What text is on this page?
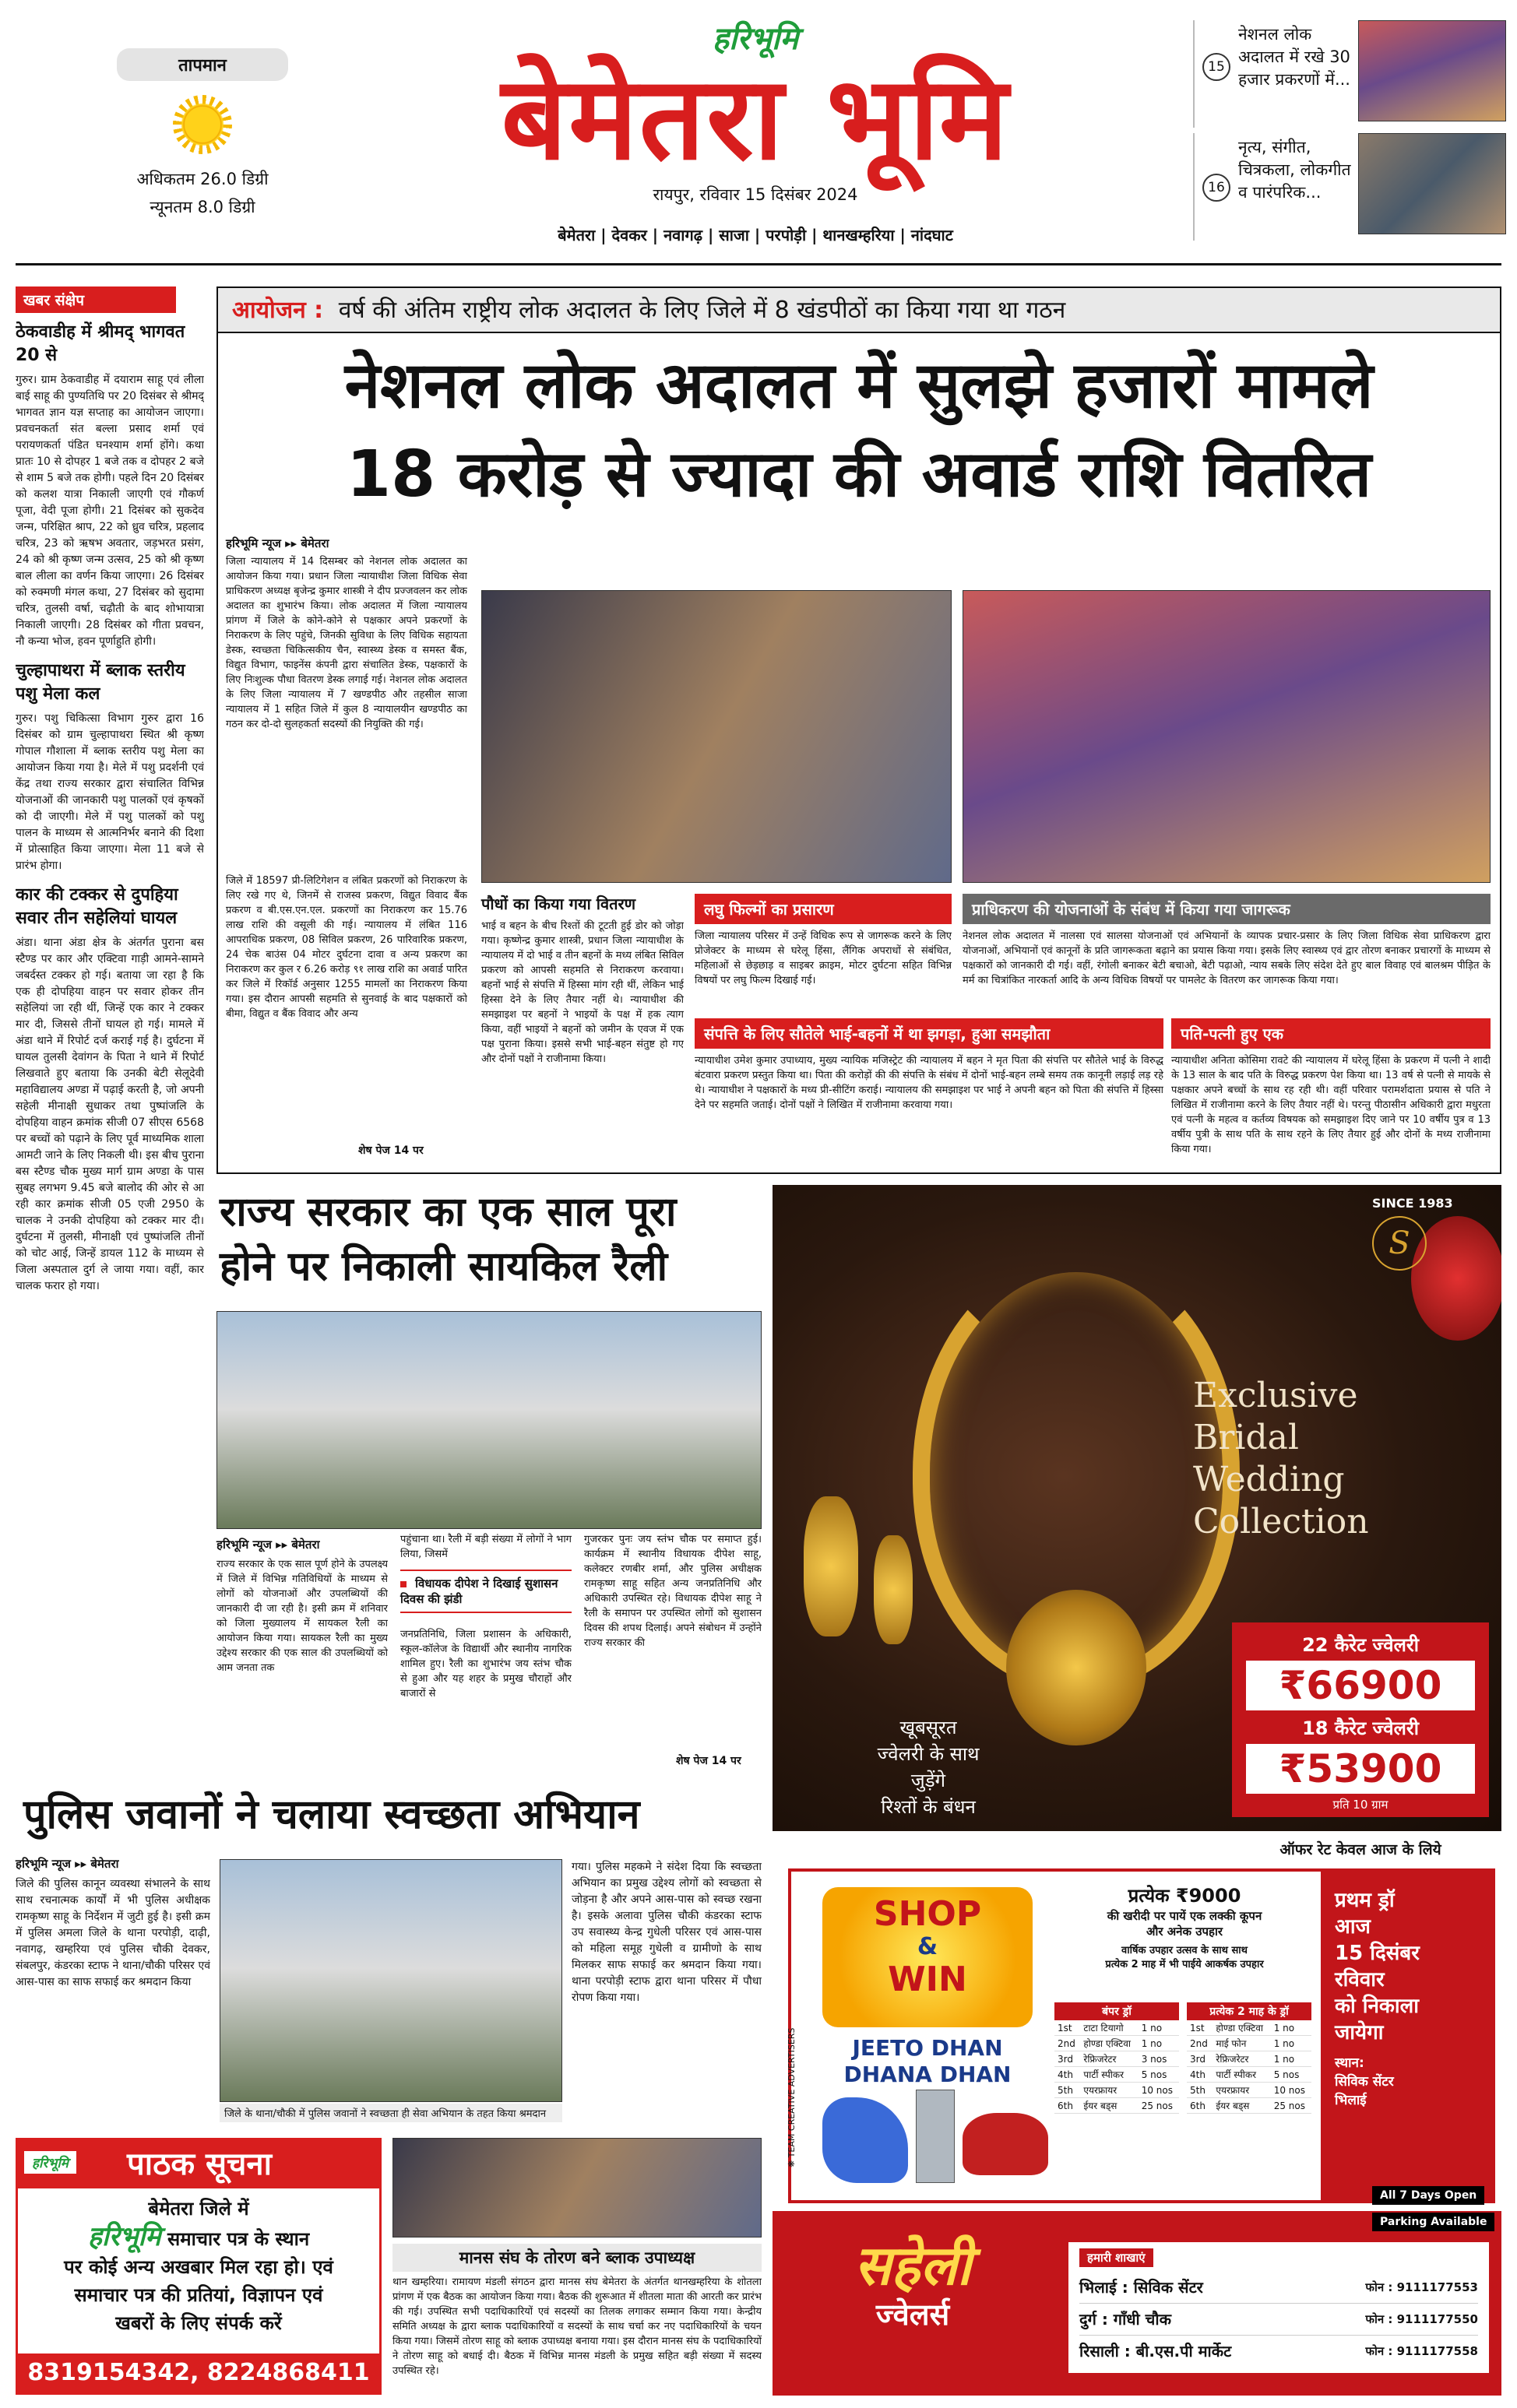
तापमान
अधिकतम 26.0 डिग्री
न्यूनतम 8.0 डिग्री
हरिभूमि
बेमेतरा भूमि
रायपुर, रविवार 15 दिसंबर 2024
बेमेतरा | देवकर | नवागढ़ | साजा | परपोड़ी | थानखम्हरिया | नांदघाट
15
नेशनल लोक अदालत में रखे 30 हजार प्रकरणों में...
16
नृत्य, संगीत, चित्रकला, लोकगीत व पारंपरिक...
खबर संक्षेप
ठेकवाडीह में श्रीमद् भागवत 20 से
गुरुर। ग्राम ठेकवाडीह में दयाराम साहू एवं लीला बाई साहू की पुण्यतिथि पर 20 दिसंबर से श्रीमद् भागवत ज्ञान यज्ञ सप्ताह का आयोजन जाएगा। प्रवचनकर्ता संत बल्ला प्रसाद शर्मा एवं परायणकर्ता पंडित घनश्याम शर्मा होंगे। कथा प्रातः 10 से दोपहर 1 बजे तक व दोपहर 2 बजे से शाम 5 बजे तक होगी। पहले दिन 20 दिसंबर को कलश यात्रा निकाली जाएगी एवं गौकर्ण पूजा, वेदी पूजा होगी। 21 दिसंबर को सुकदेव जन्म, परिक्षित श्राप, 22 को ध्रुव चरित्र, प्रहलाद चरित्र, 23 को ऋषभ अवतार, जड़भरत प्रसंग, 24 को श्री कृष्ण जन्म उत्सव, 25 को श्री कृष्ण बाल लीला का वर्णन किया जाएगा। 26 दिसंबर को रुक्मणी मंगल कथा, 27 दिसंबर को सुदामा चरित्र, तुलसी वर्षा, चढ़ौती के बाद शोभायात्रा निकाली जाएगी। 28 दिसंबर को गीता प्रवचन, नौ कन्या भोज, हवन पूर्णाहुति होगी।
चुल्हापाथरा में ब्लाक स्तरीय पशु मेला कल
गुरुर। पशु चिकित्सा विभाग गुरुर द्वारा 16 दिसंबर को ग्राम चुल्हापाथरा स्थित श्री कृष्ण गोपाल गौशाला में ब्लाक स्तरीय पशु मेला का आयोजन किया गया है। मेले में पशु प्रदर्शनी एवं केंद्र तथा राज्य सरकार द्वारा संचालित विभिन्न योजनाओं की जानकारी पशु पालकों एवं कृषकों को दी जाएगी। मेले में पशु पालकों को पशु पालन के माध्यम से आत्मनिर्भर बनाने की दिशा में प्रोत्साहित किया जाएगा। मेला 11 बजे से प्रारंभ होगा।
कार की टक्कर से दुपहिया सवार तीन सहेलियां घायल
अंडा। थाना अंडा क्षेत्र के अंतर्गत पुराना बस स्टैण्ड पर कार और एक्टिवा गाड़ी आमने-सामने जबर्दस्त टक्कर हो गई। बताया जा रहा है कि एक ही दोपहिया वाहन पर सवार होकर तीन सहेलियां जा रही थीं, जिन्हें एक कार ने टक्कर मार दी, जिससे तीनों घायल हो गई। मामले में अंडा थाने में रिपोर्ट दर्ज कराई गई है। दुर्घटना में घायल तुलसी देवांगन के पिता ने थाने में रिपोर्ट लिखवाते हुए बताया कि उनकी बेटी सेलूदेवी महाविद्यालय अण्डा में पढ़ाई करती है, जो अपनी सहेली मीनाक्षी सुधाकर तथा पुष्पांजलि के दोपहिया वाहन क्रमांक सीजी 07 सीएस 6568 पर बच्चों को पढ़ाने के लिए पूर्व माध्यमिक शाला आमटी जाने के लिए निकली थी। इस बीच पुराना बस स्टैण्ड चौक मुख्य मार्ग ग्राम अण्डा के पास सुबह लगभग 9.45 बजे बालोद की ओर से आ रही कार क्रमांक सीजी 05 एजी 2950 के चालक ने उनकी दोपहिया को टक्कर मार दी। दुर्घटना में तुलसी, मीनाक्षी एवं पुष्पांजलि तीनों को चोट आई, जिन्हें डायल 112 के माध्यम से जिला अस्पताल दुर्ग ले जाया गया। वहीं, कार चालक फरार हो गया।
आयोजन : वर्ष की अंतिम राष्ट्रीय लोक अदालत के लिए जिले में 8 खंडपीठों का किया गया था गठन
नेशनल लोक अदालत में सुलझे हजारों मामले
18 करोड़ से ज्यादा की अवार्ड राशि वितरित
हरिभूमि न्यूज ▸▸ बेमेतरा
जिला न्यायालय में 14 दिसम्बर को नेशनल लोक अदालत का आयोजन किया गया। प्रधान जिला न्यायाधीश जिला विधिक सेवा प्राधिकरण अध्यक्ष बृजेन्द्र कुमार शास्त्री ने दीप प्रज्जवलन कर लोक अदालत का शुभारंभ किया। लोक अदालत में जिला न्यायालय प्रांगण में जिले के कोने-कोने से पक्षकार अपने प्रकरणों के निराकरण के लिए पहुंचे, जिनकी सुविधा के लिए विधिक सहायता डेस्क, स्वच्छता चिकित्सकीय चैन, स्वास्थ्य डेस्क व समस्त बैंक, विद्युत विभाग, फाइनेंस कंपनी द्वारा संचालित डेस्क, पक्षकारों के लिए निःशुल्क पौधा वितरण डेस्क लगाई गई। नेशनल लोक अदालत के लिए जिला न्यायालय में 7 खण्डपीठ और तहसील साजा न्यायालय में 1 सहित जिले में कुल 8 न्यायालयीन खण्डपीठ का गठन कर दो-दो सुलहकर्ता सदस्यों की नियुक्ति की गई।
जिले में 18597 प्री-लिटिगेशन व लंबित प्रकरणों को निराकरण के लिए रखे गए थे, जिनमें से राजस्व प्रकरण, विद्युत विवाद बैंक प्रकरण व बी.एस.एन.एल. प्रकरणों का निराकरण कर 15.76 लाख राशि की वसूली की गई। न्यायालय में लंबित 116 आपराधिक प्रकरण, 08 सिविल प्रकरण, 26 पारिवारिक प्रकरण, 24 चेक बाउंस 04 मोटर दुर्घटना दावा व अन्य प्रकरण का निराकरण कर कुल र 6.26 करोड़ ९१ लाख राशि का अवार्ड पारित कर जिले में रिकॉर्ड अनुसार 1255 मामलों का निराकरण किया गया। इस दौरान आपसी सहमति से सुनवाई के बाद पक्षकारों को बीमा, विद्युत व बैंक विवाद और अन्य
शेष पेज 14 पर
पौधों का किया गया वितरण
भाई व बहन के बीच रिश्तों की टूटती हुई डोर को जोड़ा गया। कृष्णेन्द्र कुमार शास्त्री, प्रधान जिला न्यायाधीश के न्यायालय में दो भाई व तीन बहनों के मध्य लंबित सिविल प्रकरण को आपसी सहमति से निराकरण करवाया। बहनों भाई से संपत्ति में हिस्सा मांग रही थीं, लेकिन भाई हिस्सा देने के लिए तैयार नहीं थे। न्यायाधीश की समझाइश पर बहनों ने भाइयों के पक्ष में हक त्याग किया, वहीं भाइयों ने बहनों को जमीन के एवज में एक पक्ष पुराना किया। इससे सभी भाई-बहन संतुष्ट हो गए और दोनों पक्षों ने राजीनामा किया।
लघु फिल्मों का प्रसारण
जिला न्यायालय परिसर में उन्हें विधिक रूप से जागरूक करने के लिए प्रोजेक्टर के माध्यम से घरेलू हिंसा, लैंगिक अपराधों से संबंधित, महिलाओं से छेड़छाड़ व साइबर क्राइम, मोटर दुर्घटना सहित विभिन्न विषयों पर लघु फिल्म दिखाई गई।
प्राधिकरण की योजनाओं के संबंध में किया गया जागरूक
नेशनल लोक अदालत में नालसा एवं सालसा योजनाओं एवं अभियानों के व्यापक प्रचार-प्रसार के लिए जिला विधिक सेवा प्राधिकरण द्वारा योजनाओं, अभियानों एवं कानूनों के प्रति जागरूकता बढ़ाने का प्रयास किया गया। इसके लिए स्वास्थ्य एवं द्वार तोरण बनाकर प्रचारगों के माध्यम से पक्षकारों को जानकारी दी गई। वहीं, रंगोली बनाकर बेटी बचाओ, बेटी पढ़ाओ, न्याय सबके लिए संदेश देते हुए बाल विवाह एवं बालश्रम पीड़ित के मर्म का चित्रांकित नारकर्ता आदि के अन्य विधिक विषयों पर पामलेट के वितरण कर जागरूक किया गया।
संपत्ति के लिए सौतेले भाई-बहनों में था झगड़ा, हुआ समझौता
न्यायाधीश उमेश कुमार उपाध्याय, मुख्य न्यायिक मजिस्ट्रेट की न्यायालय में बहन ने मृत पिता की संपत्ति पर सौतेले भाई के विरुद्ध बंटवारा प्रकरण प्रस्तुत किया था। पिता की करोड़ों की की संपत्ति के संबंध में दोनों भाई-बहन लम्बे समय तक कानूनी लड़ाई लड़ रहे थे। न्यायाधीश ने पक्षकारों के मध्य प्री-सीटिंग कराई। न्यायालय की समझाइश पर भाई ने अपनी बहन को पिता की संपत्ति में हिस्सा देने पर सहमति जताई। दोनों पक्षों ने लिखित में राजीनामा करवाया गया।
पति-पत्नी हुए एक
न्यायाधीश अनिता कोसिमा रावटे की न्यायालय में घरेलू हिंसा के प्रकरण में पत्नी ने शादी के 13 साल के बाद पति के विरुद्ध प्रकरण पेश किया था। 13 वर्ष से पत्नी से मायके से पक्षकार अपने बच्चों के साथ रह रही थी। वहीं परिवार परामर्शदाता प्रयास से पति ने लिखित में राजीनामा करने के लिए तैयार नहीं थे। परन्तु पीठासीन अधिकारी द्वारा मधुरता एवं पत्नी के महत्व व कर्तव्य विषयक को समझाइश दिए जाने पर 10 वर्षीय पुत्र व 13 वर्षीय पुत्री के साथ पति के साथ रहने के लिए तैयार हुई और दोनों के मध्य राजीनामा किया गया।
राज्य सरकार का एक साल पूरा
होने पर निकाली सायकिल रैली
हरिभूमि न्यूज ▸▸ बेमेतरा
राज्य सरकार के एक साल पूर्ण होने के उपलक्ष्य में जिले में विभिन्न गतिविधियों के माध्यम से लोगों को योजनाओं और उपलब्धियों की जानकारी दी जा रही है। इसी क्रम में शनिवार को जिला मुख्यालय में सायकल रैली का आयोजन किया गया। सायकल रैली का मुख्य उद्देश्य सरकार की एक साल की उपलब्धियों को आम जनता तक
पहुंचाना था। रैली में बड़ी संख्या में लोगों ने भाग लिया, जिसमें
विधायक दीपेश ने दिखाई सुशासन दिवस की झंडी
जनप्रतिनिधि, जिला प्रशासन के अधिकारी, स्कूल-कॉलेज के विद्यार्थी और स्थानीय नागरिक शामिल हुए। रैली का शुभारंभ जय स्तंभ चौक से हुआ और यह शहर के प्रमुख चौराहों और बाजारों से
गुजरकर पुनः जय स्तंभ चौक पर समाप्त हुई। कार्यक्रम में स्थानीय विधायक दीपेश साहू, कलेक्टर रणबीर शर्मा, और पुलिस अधीक्षक रामकृष्ण साहू सहित अन्य जनप्रतिनिधि और अधिकारी उपस्थित रहे। विधायक दीपेश साहू ने रैली के समापन पर उपस्थित लोगों को सुशासन दिवस की शपथ दिलाई। अपने संबोधन में उन्होंने राज्य सरकार की
शेष पेज 14 पर
SINCE 1983
S
Exclusive
Bridal
Wedding
Collection
खूबसूरत
ज्वेलरी के साथ
जुड़ेंगे
रिश्तों के बंधन
22 कैरेट ज्वेलरी
₹66900
18 कैरेट ज्वेलरी
₹53900
प्रति 10 ग्राम
ऑफर रेट केवल आज के लिये
❋ TEAM CREATIVE ADVERTISERS
SHOP
&
WIN
JEETO DHAN
DHANA DHAN
प्रत्येक ₹9000
की खरीदी पर पायें एक लक्की कूपन
और अनेक उपहार
वार्षिक उपहार उत्सव के साथ साथ
प्रत्येक 2 माह में भी पाईये आकर्षक उपहार
बंपर ड्रॉ
1st	टाटा टियागो	1 no
2nd	होण्डा एक्टिवा	1 no
3rd	रेफ्रिजरेटर	3 nos
4th	पार्टी स्पीकर	5 nos
5th	एयरफ्रायर	10 nos
6th	ईयर बड्स	25 nos
प्रत्येक 2 माह के ड्रॉ
1st	होण्डा एक्टिवा	1 no
2nd	माई फोन	1 no
3rd	रेफ्रिजरेटर	1 no
4th	पार्टी स्पीकर	5 nos
5th	एयरफ्रायर	10 nos
6th	ईयर बड्स	25 nos
प्रथम ड्रॉ
आज
15 दिसंबर
रविवार
को निकाला
जायेगा
स्थान:
सिविक सेंटर
भिलाई
सहेली
ज्वेलर्स
All 7 Days Open
Parking Available
हमारी शाखाएं
भिलाई : सिविक सेंटर	फोन : 9111177553
दुर्ग : गाँधी चौक	फोन : 9111177550
रिसाली : बी.एस.पी मार्केट	फोन : 9111177558
पुलिस जवानों ने चलाया स्वच्छता अभियान
हरिभूमि न्यूज ▸▸ बेमेतरा
जिले की पुलिस कानून व्यवस्था संभालने के साथ साथ रचनात्मक कार्यों में भी पुलिस अधीक्षक रामकृष्ण साहू के निर्देशन में जुटी हुई है। इसी क्रम में पुलिस अमला जिले के थाना परपोड़ी, दाढ़ी, नवागढ़, खम्हरिया एवं पुलिस चौकी देवकर, संबलपुर, कंडरका स्टाफ ने थाना/चौकी परिसर एवं आस-पास का साफ सफाई कर श्रमदान किया
जिले के थाना/चौकी में पुलिस जवानों ने स्वच्छता ही सेवा अभियान के तहत किया श्रमदान
गया। पुलिस महकमे ने संदेश दिया कि स्वच्छता अभियान का प्रमुख उद्देश्य लोगों को स्वच्छता से जोड़ना है और अपने आस-पास को स्वच्छ रखना है। इसके अलावा पुलिस चौकी कंडरका स्टाफ उप सवास्थ्य केन्द्र गुधेली परिसर एवं आस-पास को महिला समूह गुधेली व ग्रामीणो के साथ मिलकर साफ सफाई कर श्रमदान किया गया। थाना परपोड़ी स्टाफ द्वारा थाना परिसर में पौधा रोपण किया गया।
हरिभूमि पाठक सूचना
बेमेतरा जिले में
हरिभूमि समाचार पत्र के स्थान
पर कोई अन्य अखबार मिल रहा हो। एवं
समाचार पत्र की प्रतियां, विज्ञापन एवं
खबरों के लिए संपर्क करें
8319154342, 8224868411
मानस संघ के तोरण बने ब्लाक उपाध्यक्ष
थान खम्हरिया। रामायण मंडली संगठन द्वारा मानस संघ बेमेतरा के अंतर्गत थानखम्हरिया के शोतला प्रांगण में एक बैठक का आयोजन किया गया। बैठक की शुरूआत में शीतला माता की आरती कर प्रारंभ की गई। उपस्थित सभी पदाधिकारियों एवं सदस्यों का तिलक लगाकर सम्मान किया गया। केन्द्रीय समिति अध्यक्ष के द्वारा ब्लाक पदाधिकारियों व सदस्यों के साथ चर्चा कर नए पदाधिकारियों के चयन किया गया। जिसमें तोरण साहू को ब्लाक उपाध्यक्ष बनाया गया। इस दौरान मानस संघ के पदाधिकारियों ने तोरण साहू को बधाई दी। बैठक में विभिन्न मानस मंडली के प्रमुख सहित बड़ी संख्या में सदस्य उपस्थित रहे।
